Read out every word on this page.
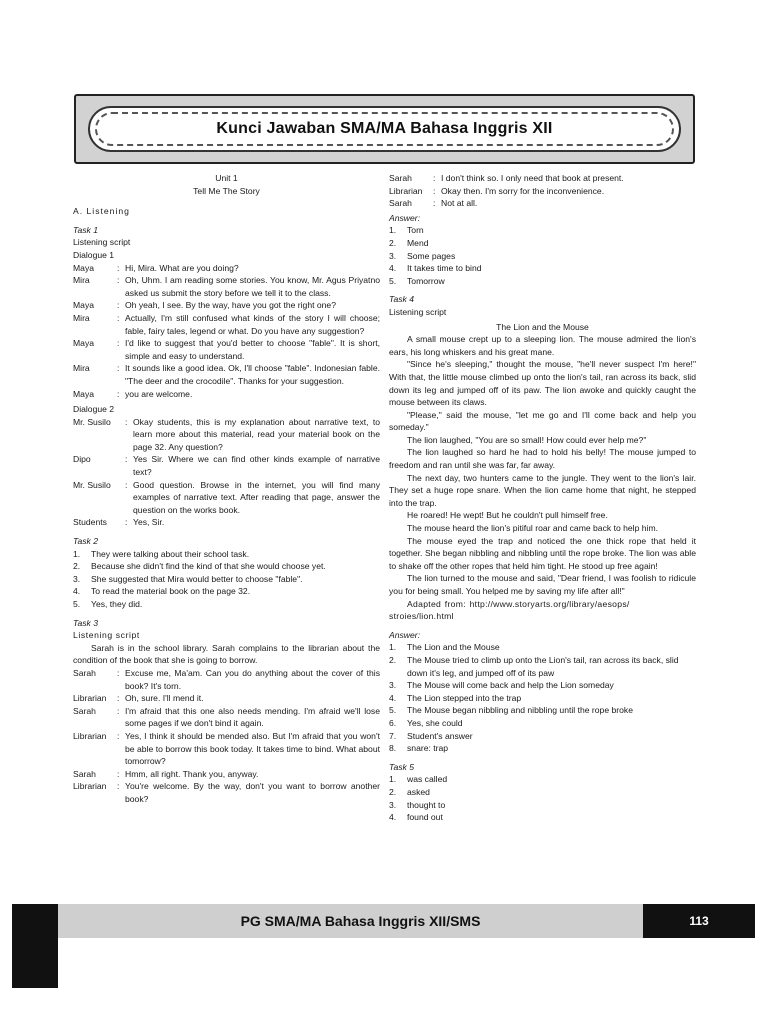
Kunci Jawaban SMA/MA Bahasa Inggris XII
Unit 1
Tell Me The Story
A. Listening
Task 1
Listening script
Dialogue 1
Maya	: Hi, Mira. What are you doing?
Mira	: Oh, Uhm. I am reading some stories. You know, Mr. Agus Priyatno asked us submit the story before we tell it to the class.
Maya	: Oh yeah, I see. By the way, have you got the right one?
Mira	: Actually, I'm still confused what kinds of the story I will choose; fable, fairy tales, legend or what. Do you have any suggestion?
Maya	: I'd like to suggest that you'd better to choose "fable". It is short, simple and easy to understand.
Mira	: It sounds like a good idea. Ok, I'll choose "fable". Indonesian fable. "The deer and the crocodile". Thanks for your suggestion.
Maya	: you are welcome.
Dialogue 2
Mr. Susilo	: Okay students, this is my explanation about narrative text, to learn more about this material, read your material book on the page 32. Any question?
Dipo	: Yes Sir. Where we can find other kinds example of narrative text?
Mr. Susilo	: Good question. Browse in the internet, you will find many examples of narrative text. After reading that page, answer the question on the works book.
Students	: Yes, Sir.
Task 2
1.	They were talking about their school task.
2.	Because she didn't find the kind of that she would choose yet.
3.	She suggested that Mira would better to choose "fable".
4.	To read the material book on the page 32.
5.	Yes, they did.
Task 3
Listening script
Sarah is in the school library. Sarah complains to the librarian about the condition of the book that she is going to borrow.
Sarah	: Excuse me, Ma'am. Can you do anything about the cover of this book? It's torn.
Librarian	: Oh, sure. I'll mend it.
Sarah	: I'm afraid that this one also needs mending. I'm afraid we'll lose some pages if we don't bind it again.
Librarian	: Yes, I think it should be mended also. But I'm afraid that you won't be able to borrow this book today. It takes time to bind. What about tomorrow?
Sarah	: Hmm, all right. Thank you, anyway.
Librarian	: You're welcome. By the way, don't you want to borrow another book?
Sarah	: I don't think so. I only need that book at present.
Librarian	: Okay then. I'm sorry for the inconvenience.
Sarah	: Not at all.
Answer:
1.	Torn
2.	Mend
3.	Some pages
4.	It takes time to bind
5.	Tomorrow
Task 4
Listening script
The Lion and the Mouse
A small mouse crept up to a sleeping lion. The mouse admired the lion's ears, his long whiskers and his great mane.
"Since he's sleeping," thought the mouse, "he'll never suspect I'm here!" With that, the little mouse climbed up onto the lion's tail, ran across its back, slid down its leg and jumped off of its paw. The lion awoke and quickly caught the mouse between its claws.
"Please," said the mouse, "let me go and I'll come back and help you someday."
The lion laughed, "You are so small! How could ever help me?"
The lion laughed so hard he had to hold his belly! The mouse jumped to freedom and ran until she was far, far away.
The next day, two hunters came to the jungle. They went to the lion's lair. They set a huge rope snare. When the lion came home that night, he stepped into the trap.
He roared! He wept! But he couldn't pull himself free.
The mouse heard the lion's pitiful roar and came back to help him.
The mouse eyed the trap and noticed the one thick rope that held it together. She began nibbling and nibbling until the rope broke. The lion was able to shake off the other ropes that held him tight. He stood up free again!
The lion turned to the mouse and said, "Dear friend, I was foolish to ridicule you for being small. You helped me by saving my life after all!"
Adapted from: http://www.storyarts.org/library/aesops/ stroies/lion.html
Answer:
1.	The Lion and the Mouse
2.	The Mouse tried to climb up onto the Lion's tail, ran across its back, slid down it's leg, and jumped off of its paw
3.	The Mouse will come back and help the Lion someday
4.	The Lion stepped into the trap
5.	The Mouse began nibbling and nibbling until the rope broke
6.	Yes, she could
7.	Student's answer
8.	snare: trap
Task 5
1.	was called
2.	asked
3.	thought to
4.	found out
PG SMA/MA Bahasa Inggris XII/SMS	113
